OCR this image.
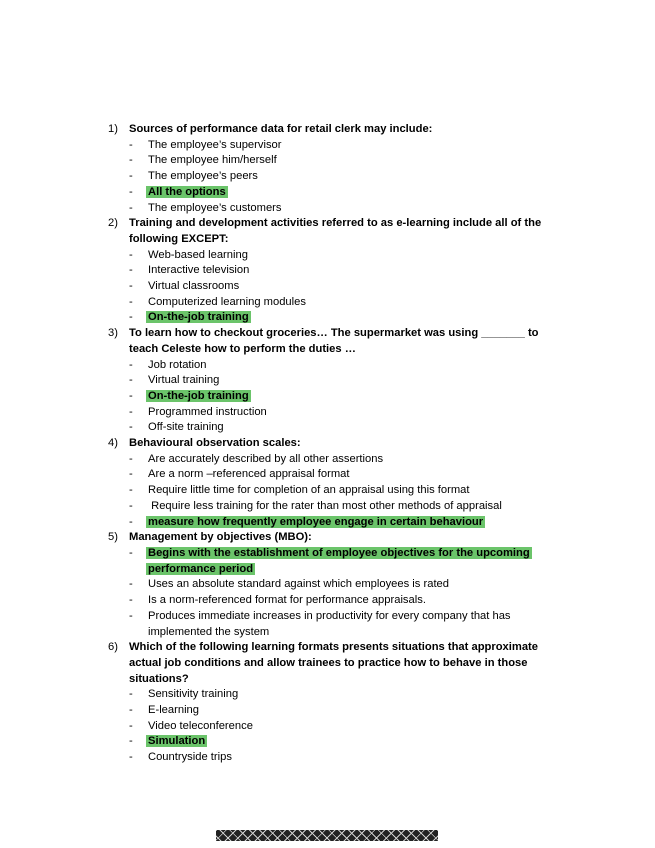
1) Sources of performance data for retail clerk may include:
-	The employee’s supervisor
-	The employee him/herself
-	The employee’s peers
-	All the options
-	The employee’s customers
2) Training and development activities referred to as e-learning include all of the following EXCEPT:
-	Web-based learning
-	Interactive television
-	Virtual classrooms
-	Computerized learning modules
-	On-the-job training
3) To learn how to checkout groceries… The supermarket was using _______ to teach Celeste how to perform the duties …
-	Job rotation
-	Virtual training
-	On-the-job training
-	Programmed instruction
-	Off-site training
4) Behavioural observation scales:
-	Are accurately described by all other assertions
-	Are a norm –referenced appraisal format
-	Require little time for completion of an appraisal using this format
-	Require less training for the rater than most other methods of appraisal
-	measure how frequently employee engage in certain behaviour
5) Management by objectives (MBO):
-	Begins with the establishment of employee objectives for the upcoming performance period
-	Uses an absolute standard against which employees is rated
-	Is a norm-referenced format for performance appraisals.
-	Produces immediate increases in productivity for every company that has implemented the system
6) Which of the following learning formats presents situations that approximate actual job conditions and allow trainees to practice how to behave in those situations?
-	Sensitivity training
-	E-learning
-	Video teleconference
-	Simulation
-	Countryside trips
